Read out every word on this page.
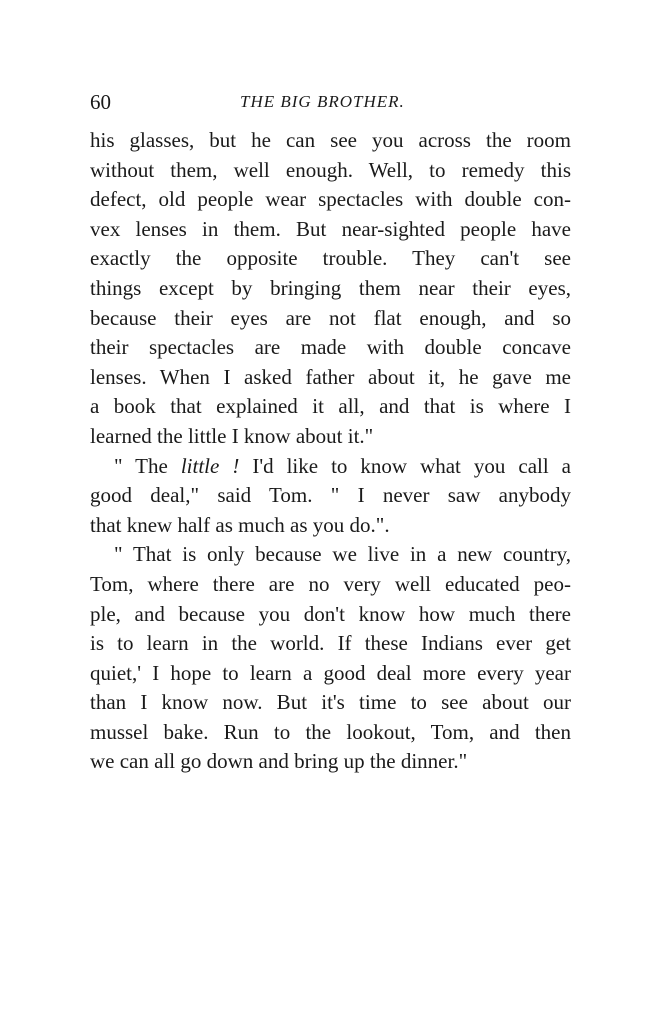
60	THE BIG BROTHER.
his glasses, but he can see you across the room
without them, well enough. Well, to remedy this
defect, old people wear spectacles with double con-
vex lenses in them. But near-sighted people have
exactly the opposite trouble. They can't see
things except by bringing them near their eyes,
because their eyes are not flat enough, and so
their spectacles are made with double concave
lenses. When I asked father about it, he gave me
a book that explained it all, and that is where I
learned the little I know about it."
" The little ! I'd like to know what you call a
good deal," said Tom. " I never saw anybody
that knew half as much as you do.".
" That is only because we live in a new country,
Tom, where there are no very well educated peo-
ple, and because you don't know how much there
is to learn in the world. If these Indians ever get
quiet,' I hope to learn a good deal more every year
than I know now. But it's time to see about our
mussel bake. Run to the lookout, Tom, and then
we can all go down and bring up the dinner."
